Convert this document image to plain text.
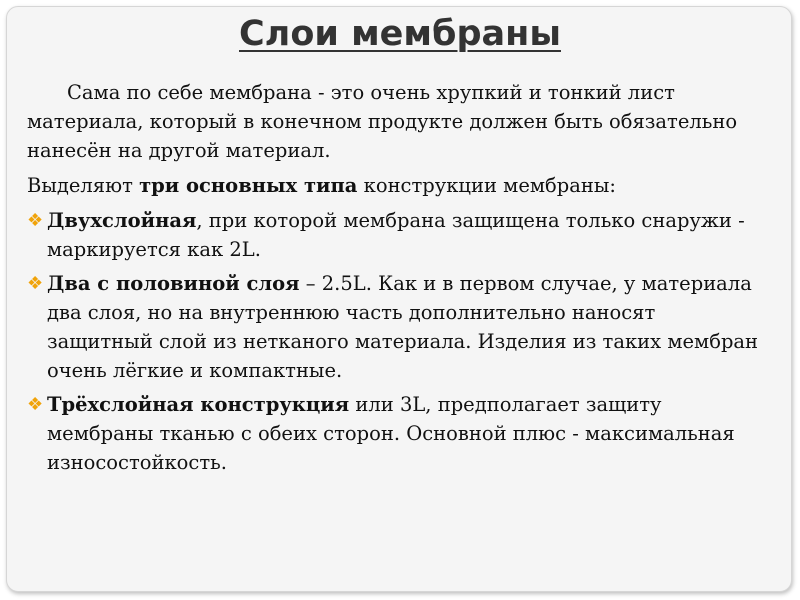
Слои мембраны

Сама по себе мембрана - это очень хрупкий и тонкий лист материала, который в конечном продукте должен быть обязательно нанесён на другой материал.

Выделяют три основных типа конструкции мембраны:

❖ Двухслойная, при которой мембрана защищена только снаружи - маркируется как 2L.
❖ Два с половиной слоя – 2.5L. Как и в первом случае, у материала два слоя, но на внутреннюю часть дополнительно наносят защитный слой из нетканого материала. Изделия из таких мембран очень лёгкие и компактные.
❖ Трёхслойная конструкция или 3L, предполагает защиту мембраны тканью с обеих сторон. Основной плюс - максимальная износостойкость.
